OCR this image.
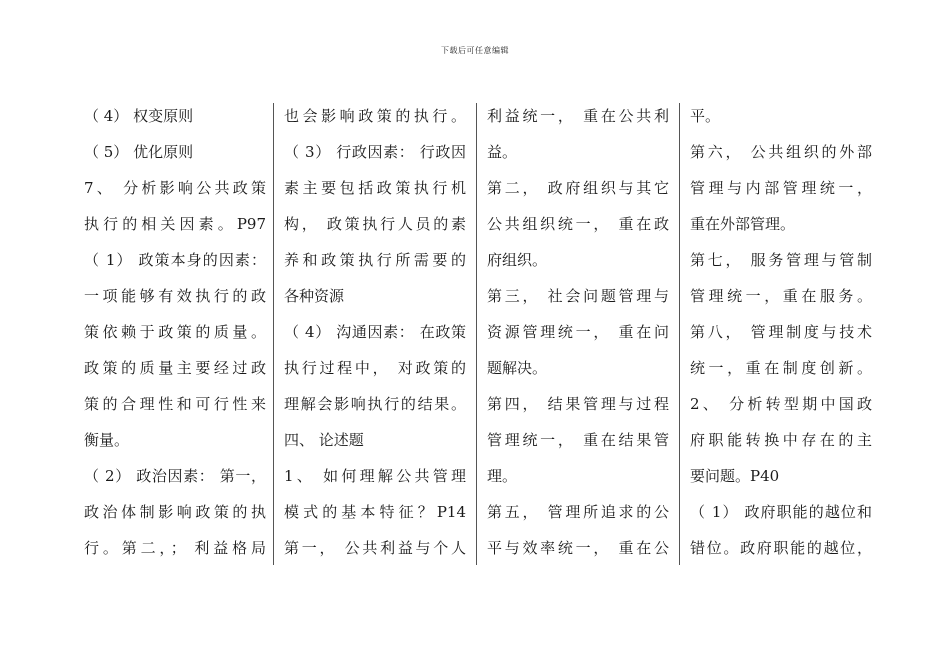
下载后可任意编辑
（ 4） 权变原则
（ 5） 优化原则
7、 分析影响公共政策
执行的相关因素。P97
（ 1） 政策本身的因素：
一项能够有效执行的政
策依赖于政策的质量。
政策的质量主要经过政
策的合理性和可行性来
衡量。
（ 2） 政治因素： 第一，
政治体制影响政策的执
行。第二，； 利益格局
也会影响政策的执行。
（ 3） 行政因素： 行政因
素主要包括政策执行机
构， 政策执行人员的素
养和政策执行所需要的
各种资源
（ 4） 沟通因素： 在政策
执行过程中， 对政策的
理解会影响执行的结果。
四、 论述题
1、 如何理解公共管理
模式的基本特征？P14
第一， 公共利益与个人
利益统一， 重在公共利
益。
第二， 政府组织与其它
公共组织统一， 重在政
府组织。
第三， 社会问题管理与
资源管理统一， 重在问
题解决。
第四， 结果管理与过程
管理统一， 重在结果管
理。
第五， 管理所追求的公
平与效率统一， 重在公
平。
第六， 公共组织的外部
管理与内部管理统一，
重在外部管理。
第七， 服务管理与管制
管理统一，重在服务。
第八， 管理制度与技术
统一，重在制度创新。
2、 分析转型期中国政
府职能转换中存在的主
要问题。P40
（ 1） 政府职能的越位和
错位。政府职能的越位，
